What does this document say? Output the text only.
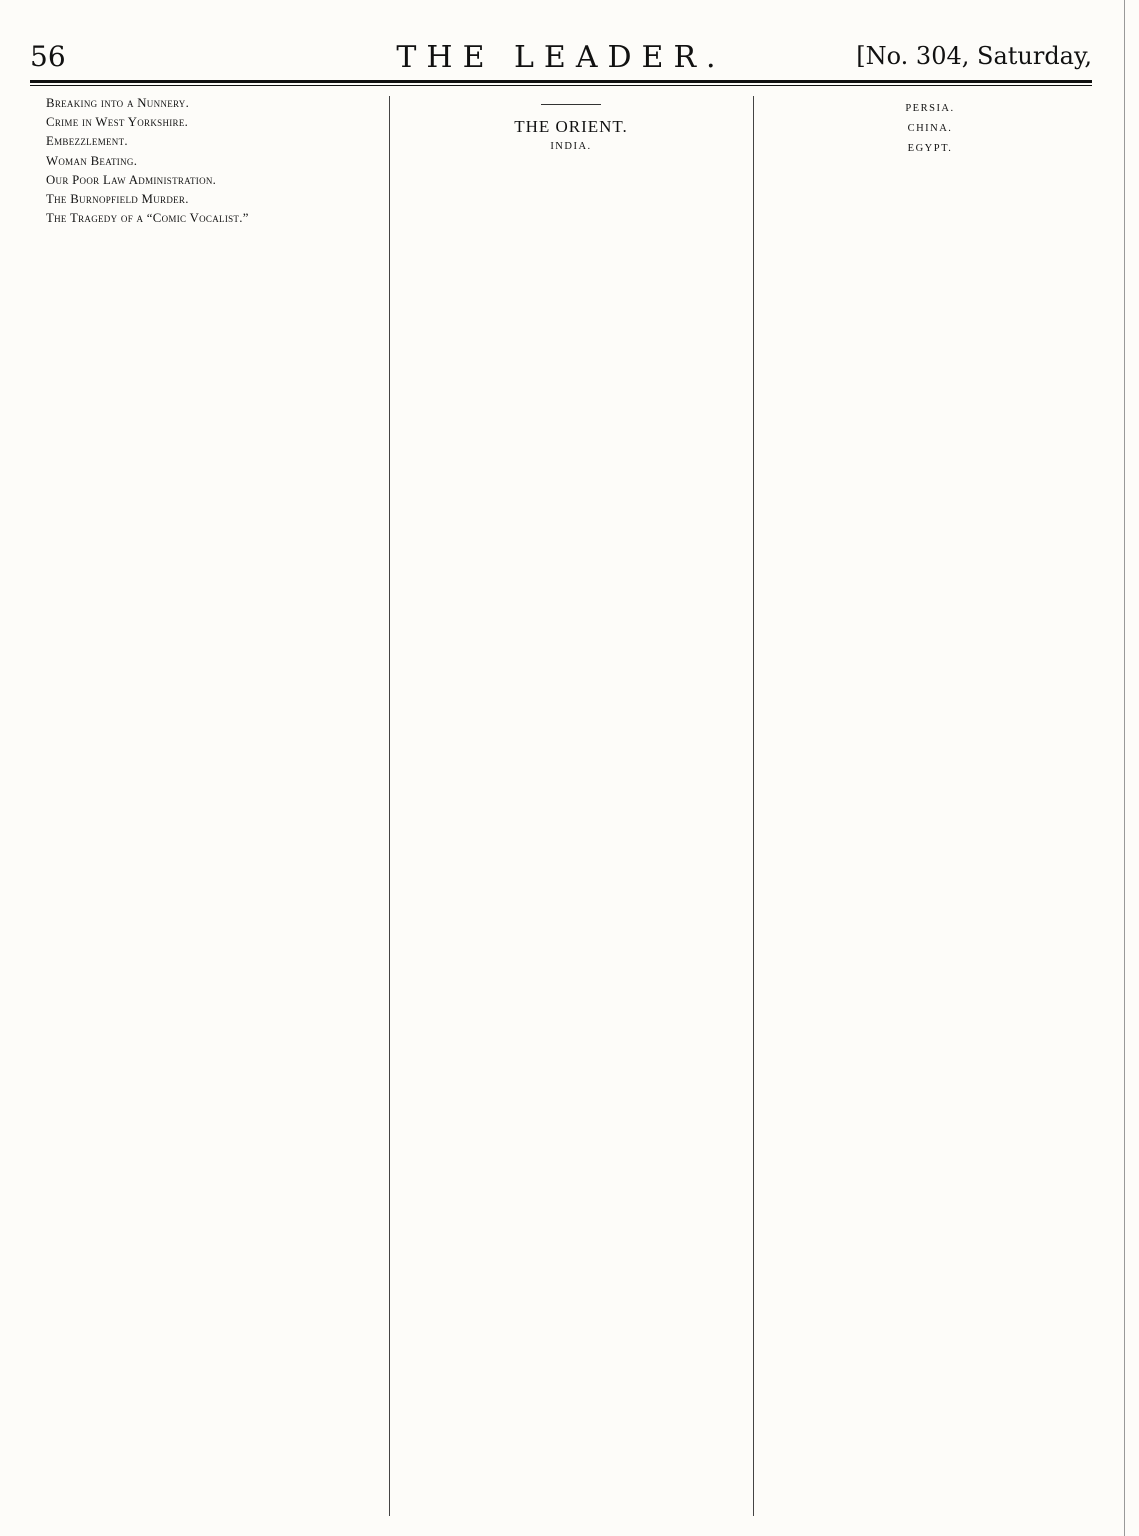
56	THE LEADER.	[No. 304, Saturday,

Breaking into a Nunnery.

Crime in West Yorkshire.

Embezzlement.

Woman Beating.

Our Poor Law Administration.

The Burnopfield Murder.

The Tragedy of a “Comic Vocalist.”

THE ORIENT.
INDIA.
PERSIA.
CHINA.
EGYPT.
